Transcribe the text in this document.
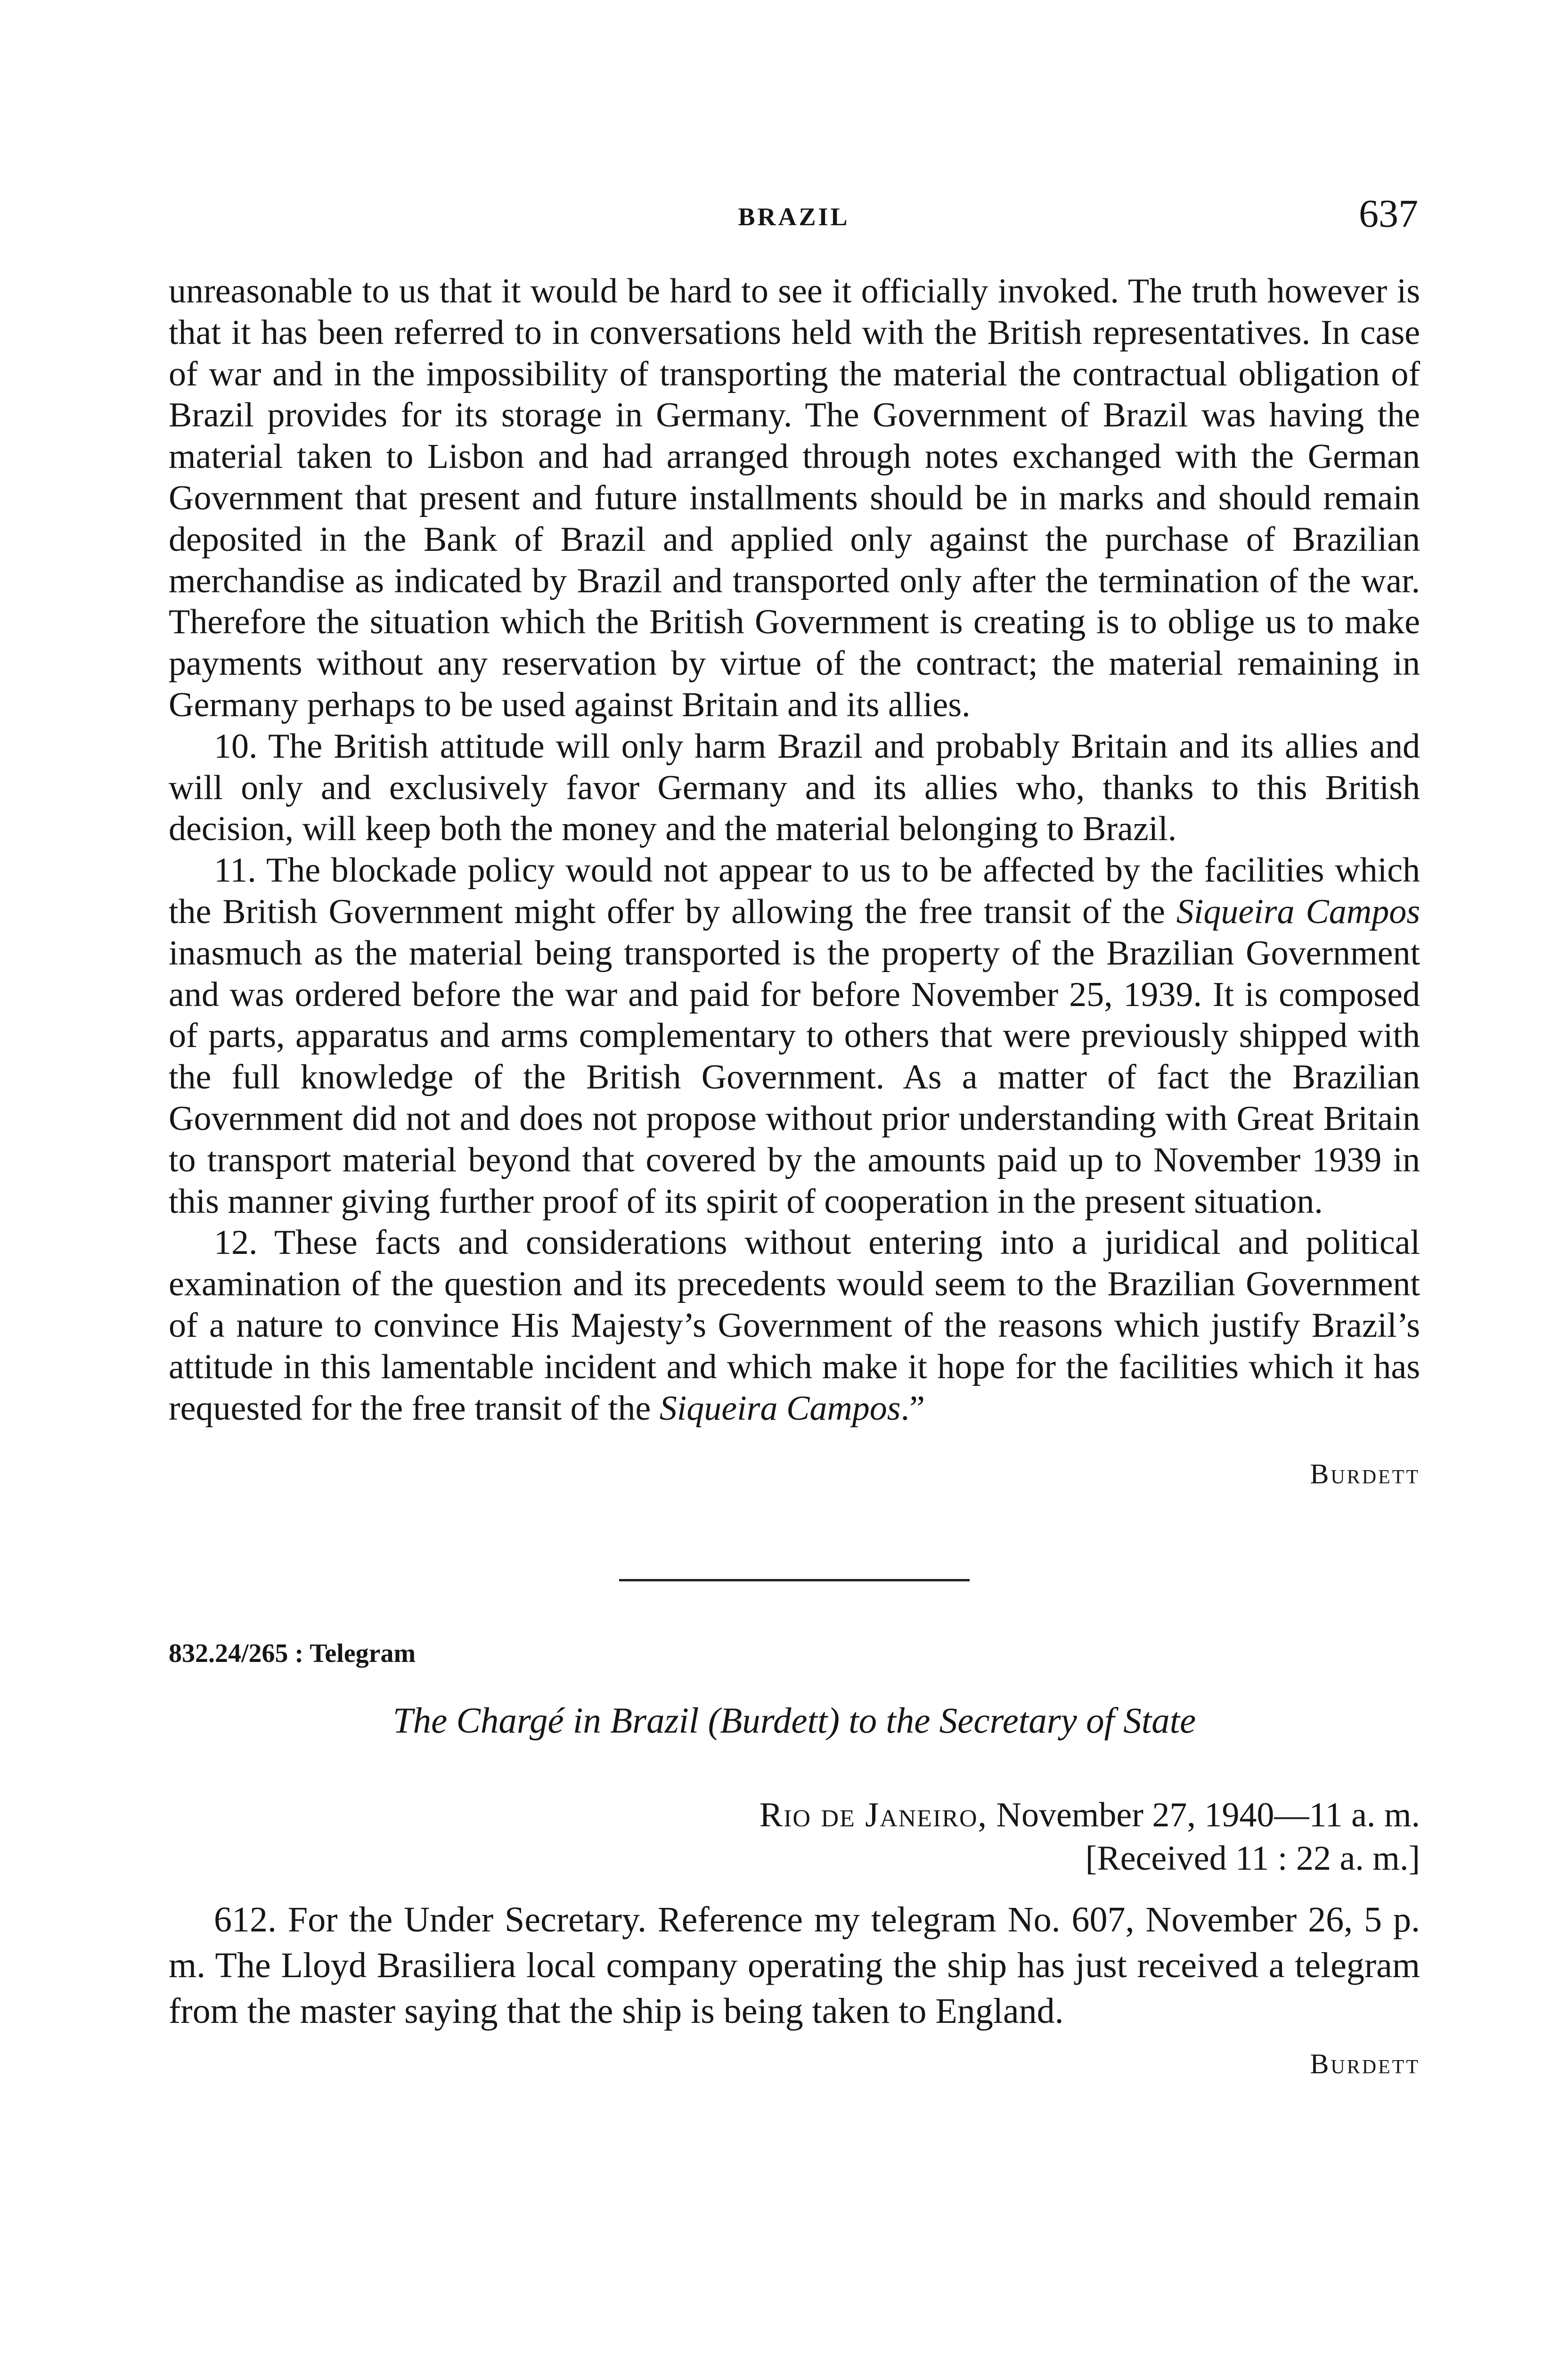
BRAZIL	637

unreasonable to us that it would be hard to see it officially invoked. The truth however is that it has been referred to in conversations held with the British representatives. In case of war and in the impossibility of transporting the material the contractual obligation of Brazil provides for its storage in Germany. The Government of Brazil was having the material taken to Lisbon and had arranged through notes exchanged with the German Government that present and future installments should be in marks and should remain deposited in the Bank of Brazil and applied only against the purchase of Brazilian merchandise as indicated by Brazil and transported only after the termination of the war. Therefore the situation which the British Government is creating is to oblige us to make payments without any reservation by virtue of the contract; the material remaining in Germany perhaps to be used against Britain and its allies.

10. The British attitude will only harm Brazil and probably Britain and its allies and will only and exclusively favor Germany and its allies who, thanks to this British decision, will keep both the money and the material belonging to Brazil.

11. The blockade policy would not appear to us to be affected by the facilities which the British Government might offer by allowing the free transit of the Siqueira Campos inasmuch as the material being transported is the property of the Brazilian Government and was ordered before the war and paid for before November 25, 1939. It is composed of parts, apparatus and arms complementary to others that were previously shipped with the full knowledge of the British Government. As a matter of fact the Brazilian Government did not and does not propose without prior understanding with Great Britain to transport material beyond that covered by the amounts paid up to November 1939 in this manner giving further proof of its spirit of cooperation in the present situation.

12. These facts and considerations without entering into a juridical and political examination of the question and its precedents would seem to the Brazilian Government of a nature to convince His Majesty’s Government of the reasons which justify Brazil’s attitude in this lamentable incident and which make it hope for the facilities which it has requested for the free transit of the Siqueira Campos.”

Burdett

832.24/265 : Telegram
The Chargé in Brazil (Burdett) to the Secretary of State
Rio de Janeiro, November 27, 1940—11 a. m.
[Received 11 : 22 a. m.]

612. For the Under Secretary. Reference my telegram No. 607, November 26, 5 p. m. The Lloyd Brasiliera local company operating the ship has just received a telegram from the master saying that the ship is being taken to England.

Burdett
